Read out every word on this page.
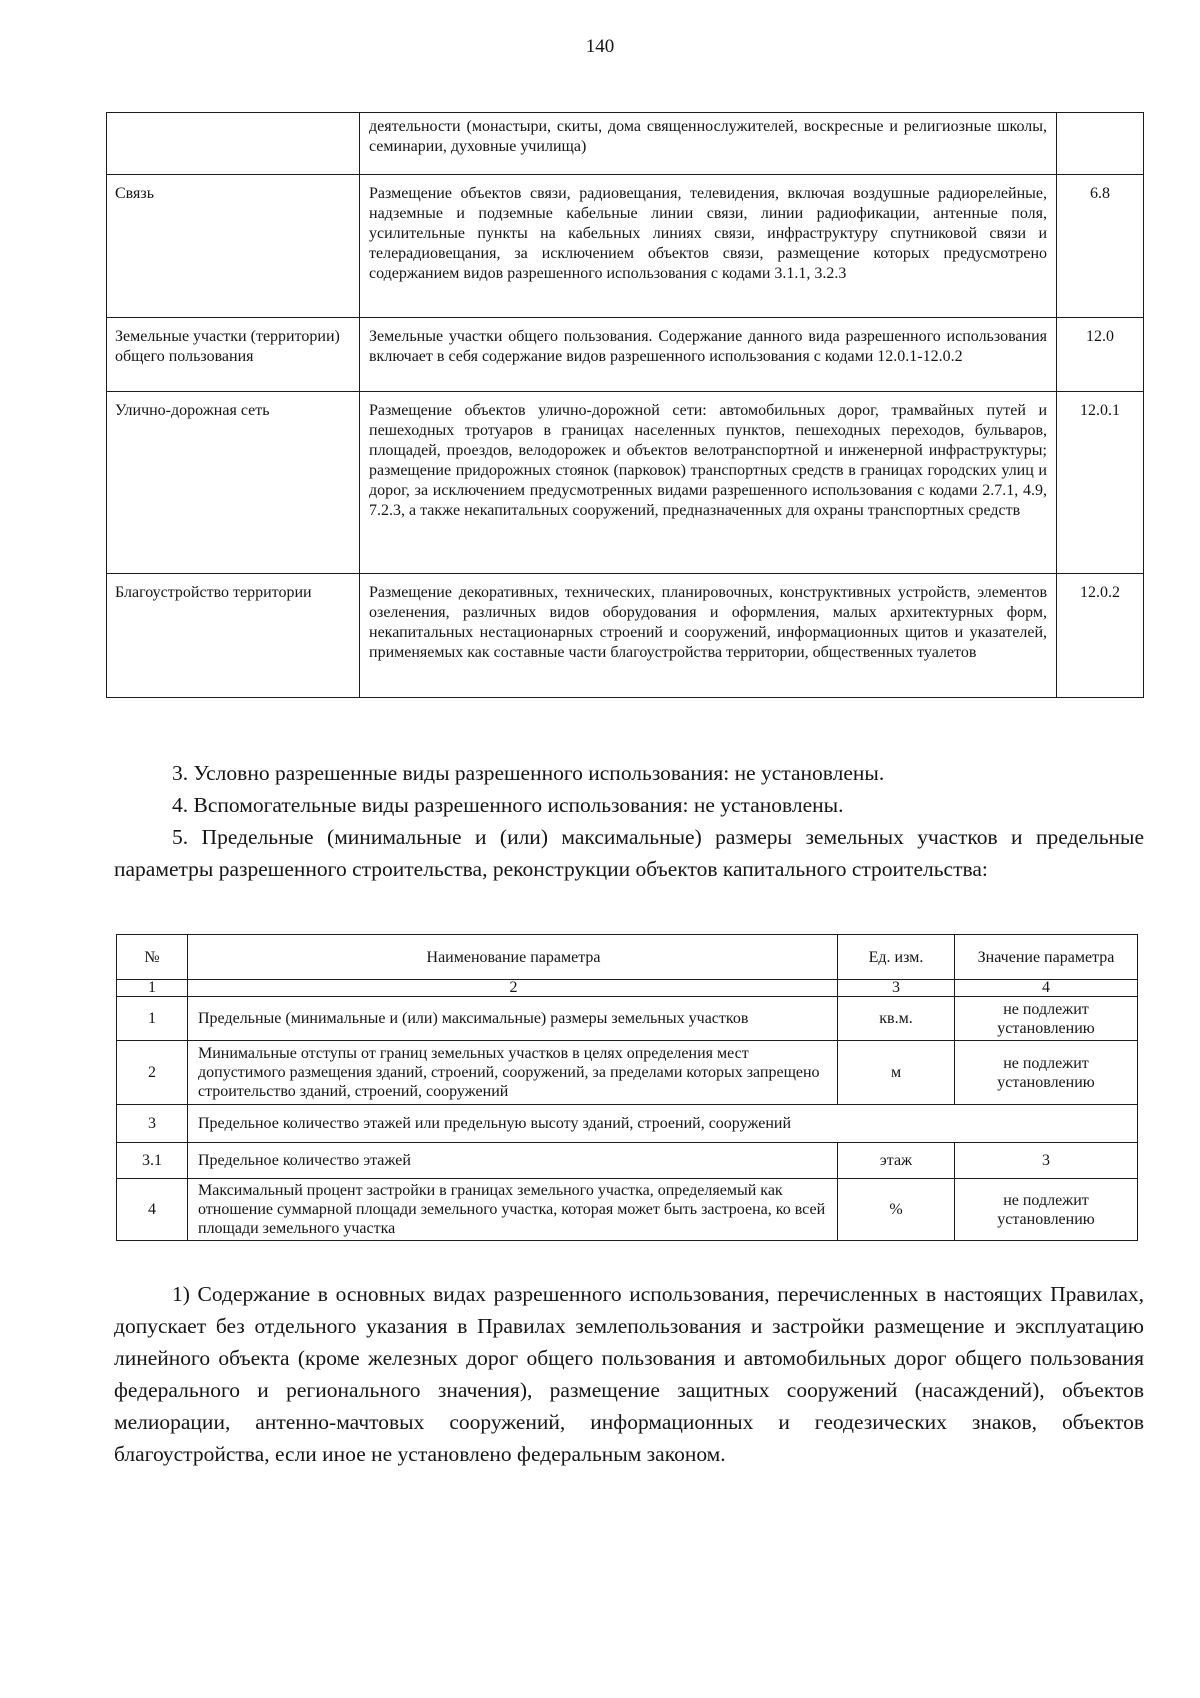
140
	деятельности (монастыри, скиты, дома священнослужителей, воскресные и религиозные школы, семинарии, духовные училища)	
Связь	Размещение объектов связи, радиовещания, телевидения, включая воздушные радиорелейные, надземные и подземные кабельные линии связи, линии радиофикации, антенные поля, усилительные пункты на кабельных линиях связи, инфраструктуру спутниковой связи и телерадиовещания, за исключением объектов связи, размещение которых предусмотрено содержанием видов разрешенного использования с кодами 3.1.1, 3.2.3	6.8
Земельные участки (территории) общего пользования	Земельные участки общего пользования. Содержание данного вида разрешенного использования включает в себя содержание видов разрешенного использования с кодами 12.0.1-12.0.2	12.0
Улично-дорожная сеть	Размещение объектов улично-дорожной сети: автомобильных дорог, трамвайных путей и пешеходных тротуаров в границах населенных пунктов, пешеходных переходов, бульваров, площадей, проездов, велодорожек и объектов велотранспортной и инженерной инфраструктуры; размещение придорожных стоянок (парковок) транспортных средств в границах городских улиц и дорог, за исключением предусмотренных видами разрешенного использования с кодами 2.7.1, 4.9, 7.2.3, а также некапитальных сооружений, предназначенных для охраны транспортных средств	12.0.1
Благоустройство территории	Размещение декоративных, технических, планировочных, конструктивных устройств, элементов озеленения, различных видов оборудования и оформления, малых архитектурных форм, некапитальных нестационарных строений и сооружений, информационных щитов и указателей, применяемых как составные части благоустройства территории, общественных туалетов	12.0.2

3. Условно разрешенные виды разрешенного использования: не установлены.

4. Вспомогательные виды разрешенного использования: не установлены.

5. Предельные (минимальные и (или) максимальные) размеры земельных участков и предельные параметры разрешенного строительства, реконструкции объектов капитального строительства:

№	Наименование параметра	Ед. изм.	Значение параметра
1	2	3	4
1	Предельные (минимальные и (или) максимальные) размеры земельных участков	кв.м.	не подлежит установлению
2	Минимальные отступы от границ земельных участков в целях определения мест допустимого размещения зданий, строений, сооружений, за пределами которых запрещено строительство зданий, строений, сооружений	м	не подлежит установлению
3	Предельное количество этажей или предельную высоту зданий, строений, сооружений		
3.1	Предельное количество этажей	этаж	3
4	Максимальный процент застройки в границах земельного участка, определяемый как отношение суммарной площади земельного участка, которая может быть застроена, ко всей площади земельного участка	%	не подлежит установлению

1) Содержание в основных видах разрешенного использования, перечисленных в настоящих Правилах, допускает без отдельного указания в Правилах землепользования и застройки размещение и эксплуатацию линейного объекта (кроме железных дорог общего пользования и автомобильных дорог общего пользования федерального и регионального значения), размещение защитных сооружений (насаждений), объектов мелиорации, антенно-мачтовых сооружений, информационных и геодезических знаков, объектов благоустройства, если иное не установлено федеральным законом.
